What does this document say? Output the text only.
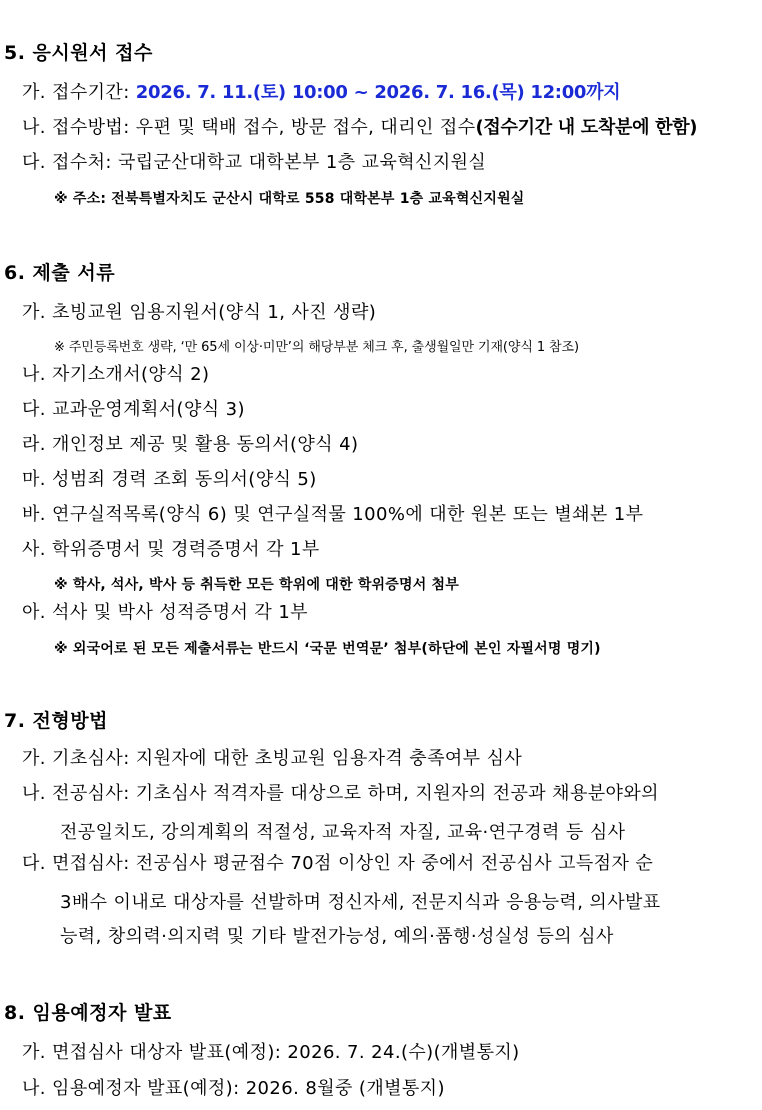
5. 응시원서 접수

가. 접수기간: 2026. 7. 11.(토) 10:00 ~ 2026. 7. 16.(목) 12:00까지

나. 접수방법: 우편 및 택배 접수, 방문 접수, 대리인 접수(접수기간 내 도착분에 한함)

다. 접수처: 국립군산대학교 대학본부 1층 교육혁신지원실

※ 주소: 전북특별자치도 군산시 대학로 558 대학본부 1층 교육혁신지원실

6. 제출 서류

가. 초빙교원 임용지원서(양식 1, 사진 생략)

※ 주민등록번호 생략, ‘만 65세 이상·미만’의 해당부분 체크 후, 출생월일만 기재(양식 1 참조)

나. 자기소개서(양식 2)

다. 교과운영계획서(양식 3)

라. 개인정보 제공 및 활용 동의서(양식 4)

마. 성범죄 경력 조회 동의서(양식 5)

바. 연구실적목록(양식 6) 및 연구실적물 100%에 대한 원본 또는 별쇄본 1부

사. 학위증명서 및 경력증명서 각 1부

※ 학사, 석사, 박사 등 취득한 모든 학위에 대한 학위증명서 첨부

아. 석사 및 박사 성적증명서 각 1부

※ 외국어로 된 모든 제출서류는 반드시 ‘국문 번역문’ 첨부(하단에 본인 자필서명 명기)

7. 전형방법

가. 기초심사: 지원자에 대한 초빙교원 임용자격 충족여부 심사

나. 전공심사: 기초심사 적격자를 대상으로 하며, 지원자의 전공과 채용분야와의

전공일치도, 강의계획의 적절성, 교육자적 자질, 교육·연구경력 등 심사

다. 면접심사: 전공심사 평균점수 70점 이상인 자 중에서 전공심사 고득점자 순

3배수 이내로 대상자를 선발하며 정신자세, 전문지식과 응용능력, 의사발표

능력, 창의력·의지력 및 기타 발전가능성, 예의·품행·성실성 등의 심사

8. 임용예정자 발표

가. 면접심사 대상자 발표(예정): 2026. 7. 24.(수)(개별통지)

나. 임용예정자 발표(예정): 2026. 8월중 (개별통지)
